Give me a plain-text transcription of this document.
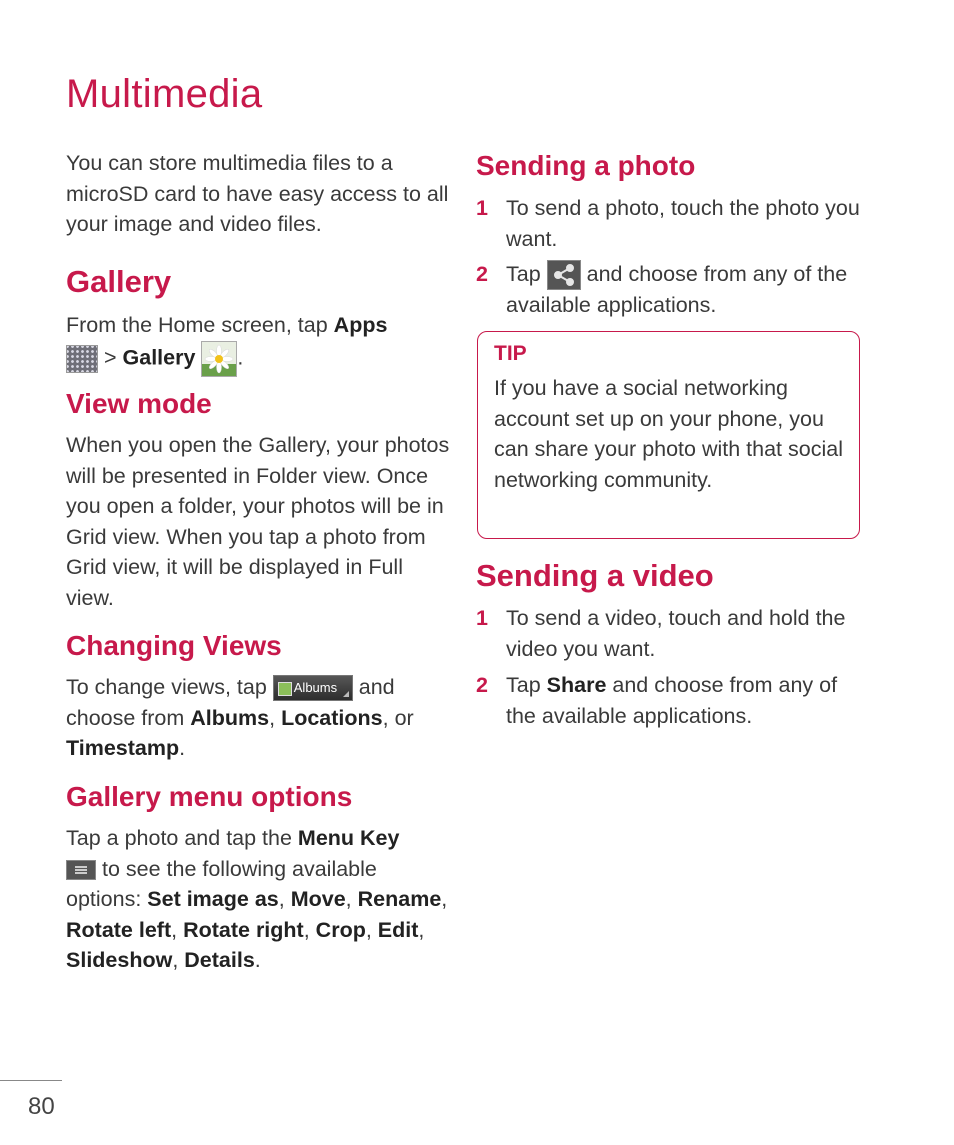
Multimedia

You can store multimedia files to a microSD card to have easy access to all your image and video files.

Gallery

From the Home screen, tap Apps
> Gallery .

View mode

When you open the Gallery, your photos will be presented in Folder view. Once you open a folder, your photos will be in Grid view. When you tap a photo from Grid view, it will be displayed in Full view.

Changing Views

To change views, tap Albums
and choose from Albums, Locations, or Timestamp.

Gallery menu options

Tap a photo and tap the Menu Key

to see the following available options: Set image as, Move, Rename, Rotate left, Rotate right, Crop, Edit, Slideshow, Details.

Sending a photo
1 To send a photo, touch the photo you want.

2 Tap  and choose from any of the available applications.

TIP

If you have a social networking account set up on your phone, you can share your photo with that social networking community.

Sending a video
1 To send a video, touch and hold the video you want.

2 Tap Share and choose from any of the available applications.

80
